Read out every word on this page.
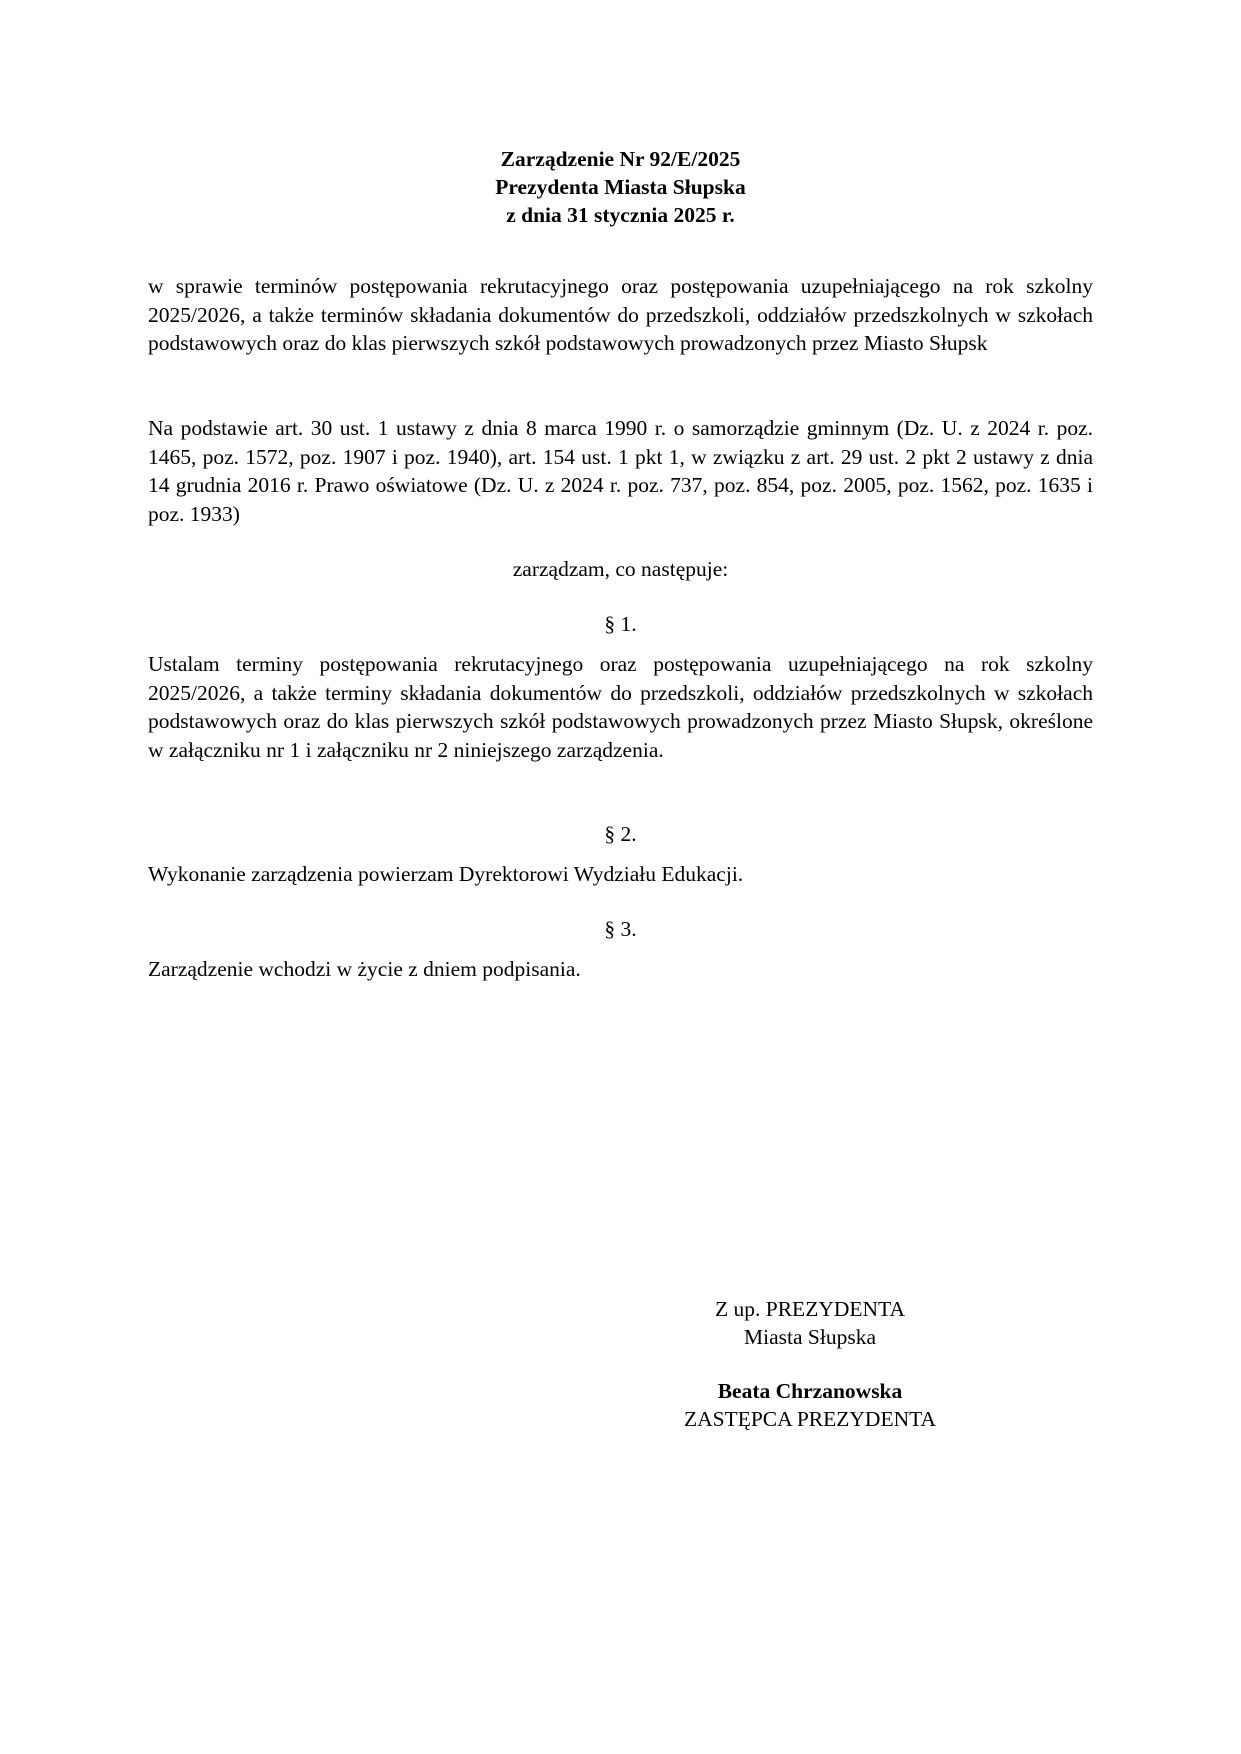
Zarządzenie Nr 92/E/2025
Prezydenta Miasta Słupska
z dnia 31 stycznia 2025 r.
w sprawie terminów postępowania rekrutacyjnego oraz postępowania uzupełniającego na rok szkolny 2025/2026, a także terminów składania dokumentów do przedszkoli, oddziałów przedszkolnych w szkołach podstawowych oraz do klas pierwszych szkół podstawowych prowadzonych przez Miasto Słupsk
Na podstawie art. 30 ust. 1 ustawy z dnia 8 marca 1990 r. o samorządzie gminnym (Dz. U. z 2024 r. poz. 1465, poz. 1572, poz. 1907 i poz. 1940), art. 154 ust. 1 pkt 1, w związku z art. 29 ust. 2 pkt 2 ustawy z dnia 14 grudnia 2016 r. Prawo oświatowe (Dz. U. z 2024 r. poz. 737, poz. 854, poz. 2005, poz. 1562, poz. 1635 i poz. 1933)
zarządzam, co następuje:
§ 1.
Ustalam terminy postępowania rekrutacyjnego oraz postępowania uzupełniającego na rok szkolny 2025/2026, a także terminy składania dokumentów do przedszkoli, oddziałów przedszkolnych w szkołach podstawowych oraz do klas pierwszych szkół podstawowych prowadzonych przez Miasto Słupsk, określone w załączniku nr 1 i załączniku nr 2 niniejszego zarządzenia.
§ 2.
Wykonanie zarządzenia powierzam Dyrektorowi Wydziału Edukacji.
§ 3.
Zarządzenie wchodzi w życie z dniem podpisania.
Z up. PREZYDENTA
Miasta Słupska
Beata Chrzanowska
ZASTĘPCA PREZYDENTA
